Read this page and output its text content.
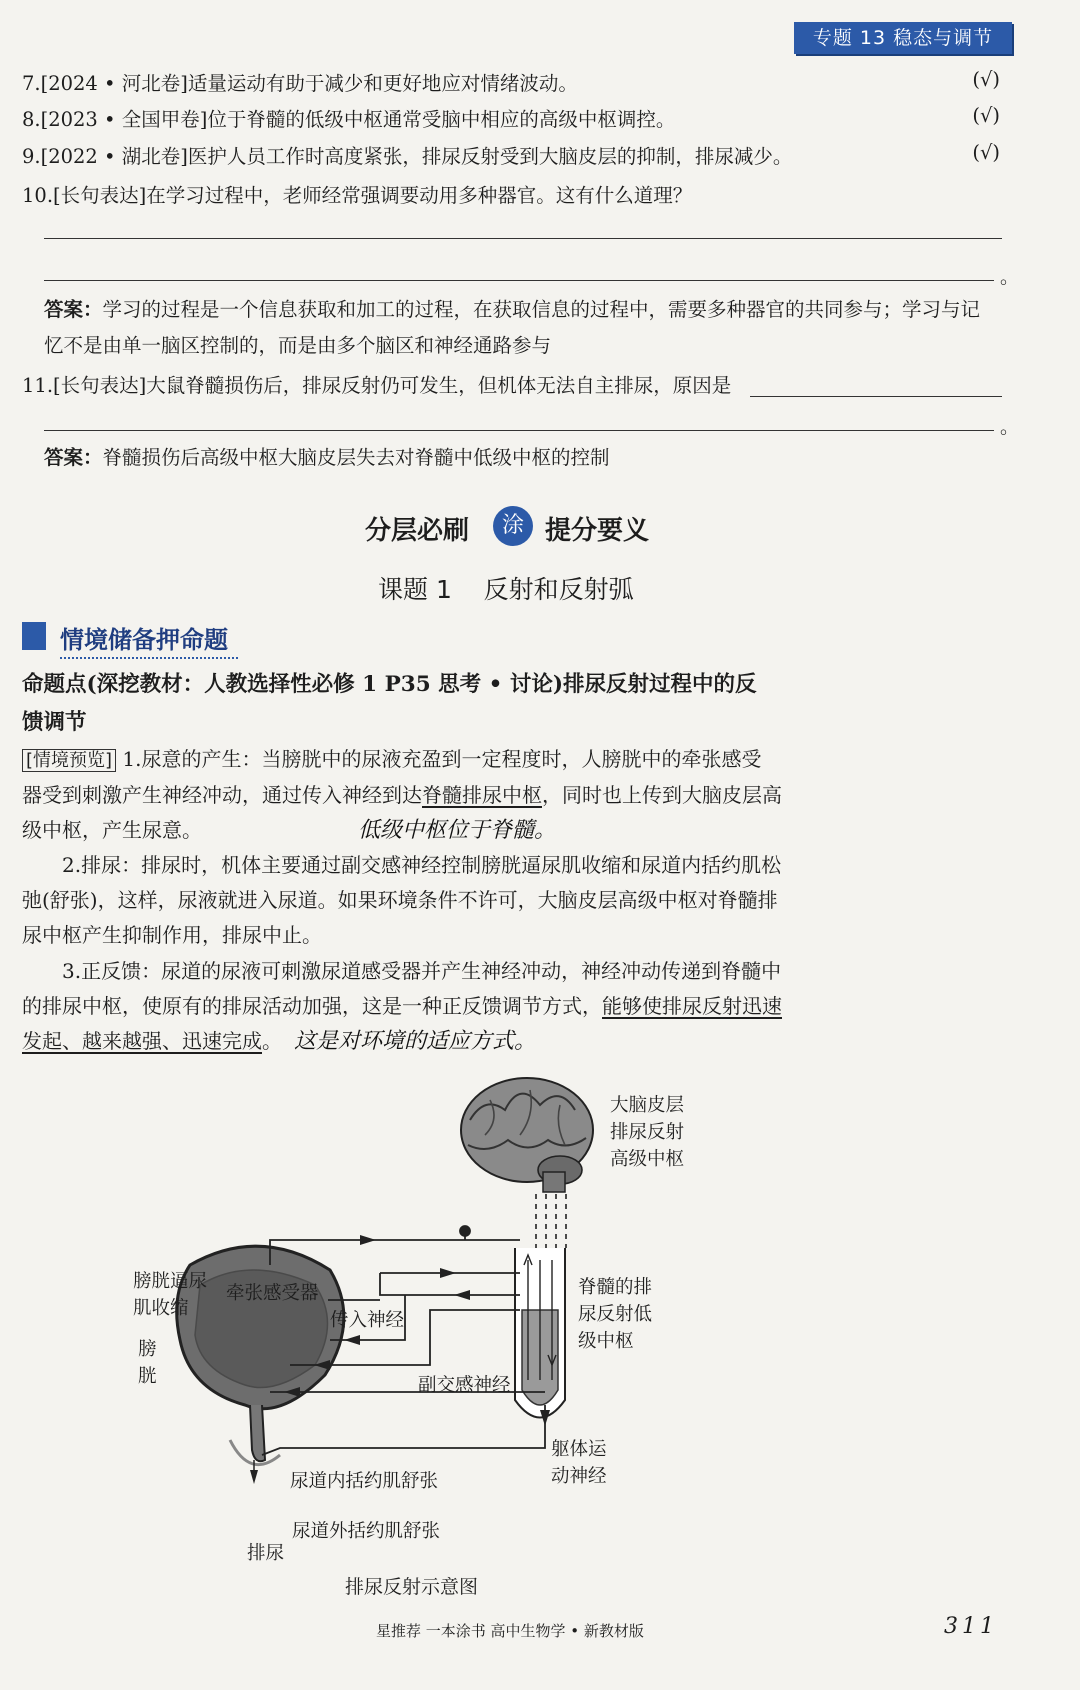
专题 13 稳态与调节
7.[2024 • 河北卷]适量运动有助于减少和更好地应对情绪波动。	(√)
8.[2023 • 全国甲卷]位于脊髓的低级中枢通常受脑中相应的高级中枢调控。	(√)
9.[2022 • 湖北卷]医护人员工作时高度紧张，排尿反射受到大脑皮层的抑制，排尿减少。	(√)
10.[长句表达]在学习过程中，老师经常强调要动用多种器官。这有什么道理？
。
答案：学习的过程是一个信息获取和加工的过程，在获取信息的过程中，需要多种器官的共同参与；学习与记
忆不是由单一脑区控制的，而是由多个脑区和神经通路参与
11.[长句表达]大鼠脊髓损伤后，排尿反射仍可发生，但机体无法自主排尿，原因是
。
答案：脊髓损伤后高级中枢大脑皮层失去对脊髓中低级中枢的控制
分层必刷	涂 提分要义
课题 1    反射和反射弧
情境储备押命题
命题点(深挖教材：人教选择性必修 1 P35 思考 • 讨论)排尿反射过程中的反
馈调节
[情境预览] 1.尿意的产生：当膀胱中的尿液充盈到一定程度时，人膀胱中的牵张感受
器受到刺激产生神经冲动，通过传入神经到达脊髓排尿中枢，同时也上传到大脑皮层高
级中枢，产生尿意。	低级中枢位于脊髓。
2.排尿：排尿时，机体主要通过副交感神经控制膀胱逼尿肌收缩和尿道内括约肌松
弛(舒张)，这样，尿液就进入尿道。如果环境条件不许可，大脑皮层高级中枢对脊髓排
尿中枢产生抑制作用，排尿中止。
3.正反馈：尿道的尿液可刺激尿道感受器并产生神经冲动，神经冲动传递到脊髓中
的排尿中枢，使原有的排尿活动加强，这是一种正反馈调节方式，能够使排尿反射迅速
发起、越来越强、迅速完成。 这是对环境的适应方式。
大脑皮层
排尿反射
高级中枢
膀胱逼尿
肌收缩
牵张感受器
传入神经
膀
胱
脊髓的排
尿反射低
级中枢
副交感神经
躯体运
动神经
尿道内括约肌舒张
尿道外括约肌舒张
排尿
排尿反射示意图
星推荐 一本涂书 高中生物学 • 新教材版	311
